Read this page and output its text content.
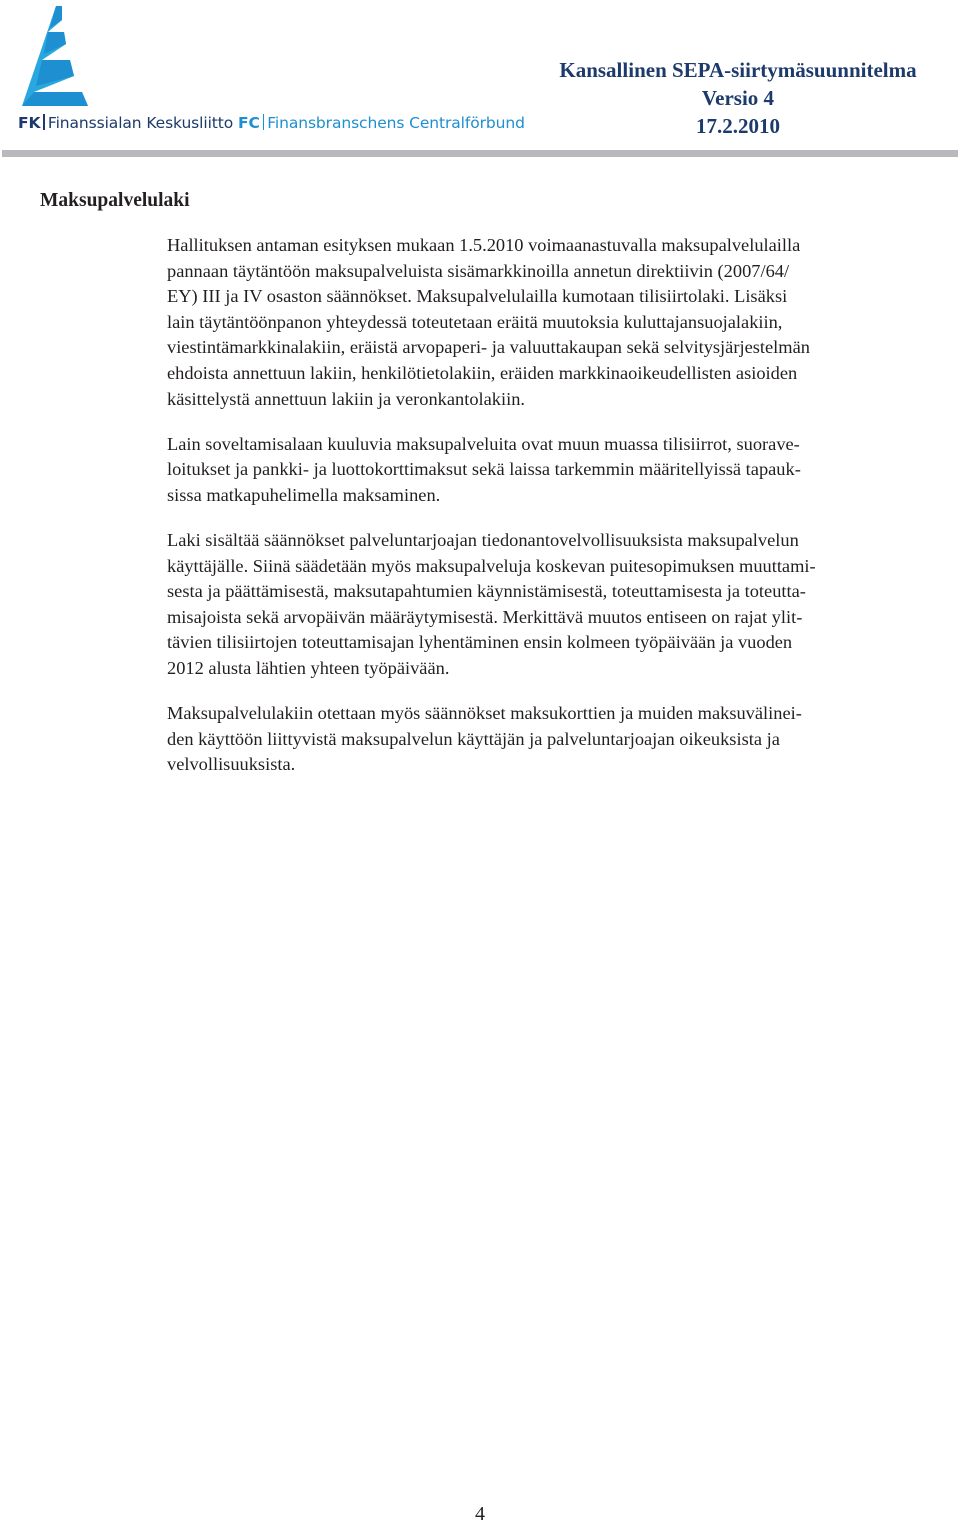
FK Finanssialan Keskusliitto FC Finansbranschens Centralförbund
Kansallinen SEPA-siirtymäsuunnitelma
Versio 4
17.2.2010
Maksupalvelulaki

Hallituksen antaman esityksen mukaan 1.5.2010 voimaanastuvalla maksupalvelulailla
pannaan täytäntöön maksupalveluista sisämarkkinoilla annetun direktiivin (2007/64/
EY) III ja IV osaston säännökset. Maksupalvelulailla kumotaan tilisiirtolaki. Lisäksi
lain täytäntöönpanon yhteydessä toteutetaan eräitä muutoksia kuluttajansuojalakiin,
viestintämarkkinalakiin, eräistä arvopaperi- ja valuuttakaupan sekä selvitysjärjestelmän
ehdoista annettuun lakiin, henkilötietolakiin, eräiden markkinaoikeudellisten asioiden
käsittelystä annettuun lakiin ja veronkantolakiin.

Lain soveltamisalaan kuuluvia maksupalveluita ovat muun muassa tilisiirrot, suorave-
loitukset ja pankki- ja luottokorttimaksut sekä laissa tarkemmin määritellyissä tapauk-
sissa matkapuhelimella maksaminen.

Laki sisältää säännökset palveluntarjoajan tiedonantovelvollisuuksista maksupalvelun
käyttäjälle. Siinä säädetään myös maksupalveluja koskevan puitesopimuksen muuttami-
sesta ja päättämisestä, maksutapahtumien käynnistämisestä, toteuttamisesta ja toteutta-
misajoista sekä arvopäivän määräytymisestä. Merkittävä muutos entiseen on rajat ylit-
tävien tilisiirtojen toteuttamisajan lyhentäminen ensin kolmeen työpäivään ja vuoden
2012 alusta lähtien yhteen työpäivään.

Maksupalvelulakiin otettaan myös säännökset maksukorttien ja muiden maksuvälinei-
den käyttöön liittyvistä maksupalvelun käyttäjän ja palveluntarjoajan oikeuksista ja
velvollisuuksista.

4
